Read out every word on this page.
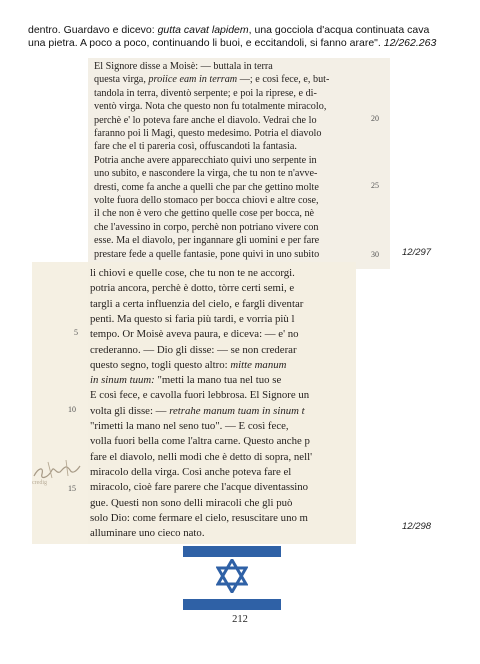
dentro. Guardavo e dicevo: gutta cavat lapidem, una gocciola d'acqua continuata cava una pietra. A poco a poco, continuando li buoi, e eccitandoli, si fanno arare". 12/262.263
El Signore disse a Moisè: — buttala in terra
questa virga, proiice eam in terram —; e così fece, e, but-
tandola in terra, diventò serpente; e poi la riprese, e di-
ventò virga. Nota che questo non fu totalmente miracolo,
perchè e' lo poteva fare anche el diavolo. Vedrai che lo
faranno poi li Magi, questo medesimo. Potria el diavolo
fare che el ti pareria così, offuscandoti la fantasia.
Potria anche avere apparecchiato quivi uno serpente in
uno subito, e nascondere la virga, che tu non te n'avve-
dresti, come fa anche a quelli che par che gettino molte
volte fuora dello stomaco per bocca chiovi e altre cose,
il che non è vero che gettino quelle cose per bocca, nè
che l'avessino in corpo, perchè non potriano vivere con
esse. Ma el diavolo, per ingannare gli uomini e per fare
prestare fede a quelle fantasie, pone quivi in uno subito
20
25
30 12/297
li chiovi e quelle cose, che tu non te ne accorgi.
potria ancora, perchè è dotto, tòrre certi semi, e
targli a certa influenzia del cielo, e fargli diventar
penti. Ma questo si faria più tardi, e vorria più l
tempo. Or Moisè aveva paura, e diceva: — e' no
crederanno. — Dio gli disse: — se non crederar
questo segno, togli questo altro: mitte manum
in sinum tuum: "metti la mano tua nel tuo se
E così fece, e cavolla fuori lebbrosa. El Signore un
volta gli disse: — retrahe manum tuam in sinum t
"rimetti la mano nel seno tuo". — E così fece,
volla fuori bella come l'altra carne. Questo anche p
fare el diavolo, nelli modi che è detto di sopra, nell'
miracolo della virga. Così anche poteva fare el
miracolo, cioè fare parere che l'acque diventassino
gue. Questi non sono delli miracoli che gli può
solo Dio: come fermare el cielo, resuscitare uno m
alluminare uno cieco nato.
5
10
15
12/298
credig
212
